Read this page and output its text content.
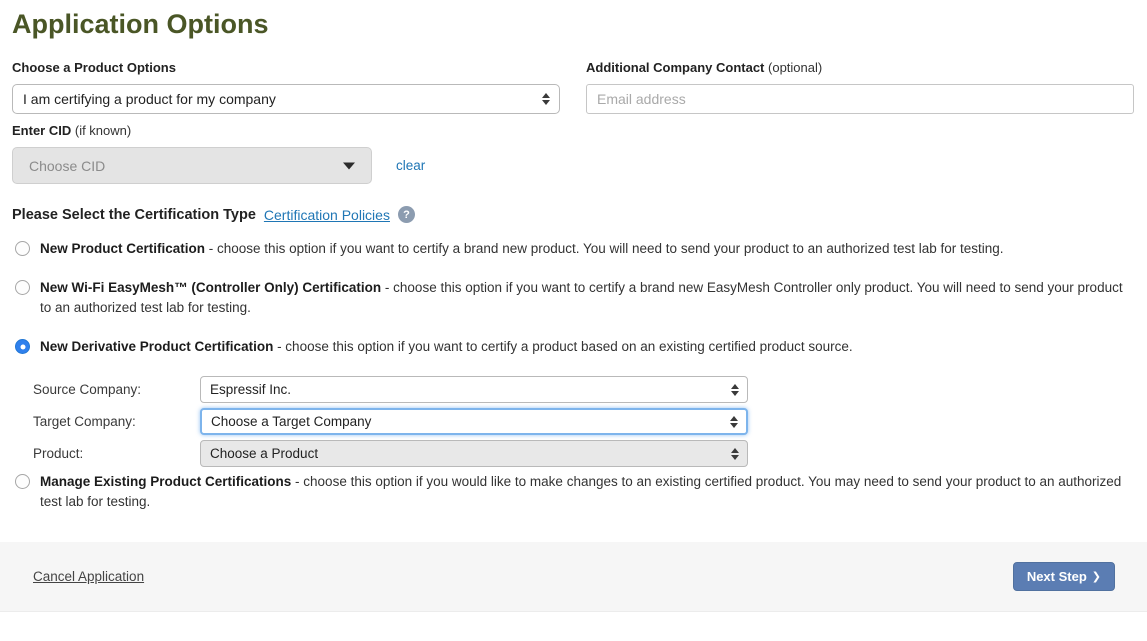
Application Options
Choose a Product Options
I am certifying a product for my company
Enter CID (if known)
Choose CID	clear
Additional Company Contact (optional)
Email address
Please Select the Certification Type Certification Policies	?
New Product Certification - choose this option if you want to certify a brand new product. You will need to send your product to an authorized test lab for testing.
New Wi-Fi EasyMesh™ (Controller Only) Certification - choose this option if you want to certify a brand new EasyMesh Controller only product. You will need to send your product to an authorized test lab for testing.
New Derivative Product Certification - choose this option if you want to certify a product based on an existing certified product source.
Source Company:	Espressif Inc.
Target Company:	Choose a Target Company
Product:	Choose a Product
Manage Existing Product Certifications - choose this option if you would like to make changes to an existing certified product. You may need to send your product to an authorized test lab for testing.
Cancel Application	Next Step ❯
